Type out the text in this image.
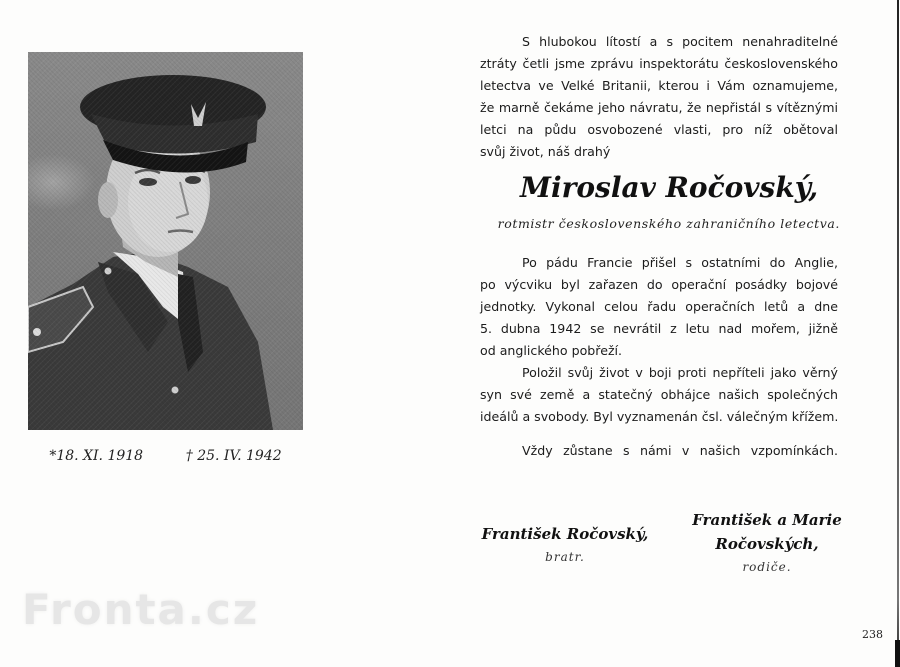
*18. XI. 1918	† 25. IV. 1942
S hlubokou lítostí a s pocitem nenahraditelné
ztráty četli jsme zprávu inspektorátu československého
letectva ve Velké Britanii, kterou i Vám oznamujeme,
že marně čekáme jeho návratu, že nepřistál s vítěznými
letci na půdu osvobozené vlasti, pro níž obětoval
svůj život, náš drahý
Miroslav Ročovský,
rotmistr československého zahraničního letectva.
Po pádu Francie přišel s ostatními do Anglie,
po výcviku byl zařazen do operační posádky bojové
jednotky. Vykonal celou řadu operačních letů a dne
5. dubna 1942 se nevrátil z letu nad mořem, jižně
od anglického pobřeží.
Položil svůj život v boji proti nepříteli jako věrný
syn své země a statečný obhájce našich společných
ideálů a svobody. Byl vyznamenán čsl. válečným křížem.
Vždy zůstane s námi v našich vzpomínkách.
František Ročovský,
bratr.
František a Marie
Ročovských,
rodiče.
Fronta.cz
238
